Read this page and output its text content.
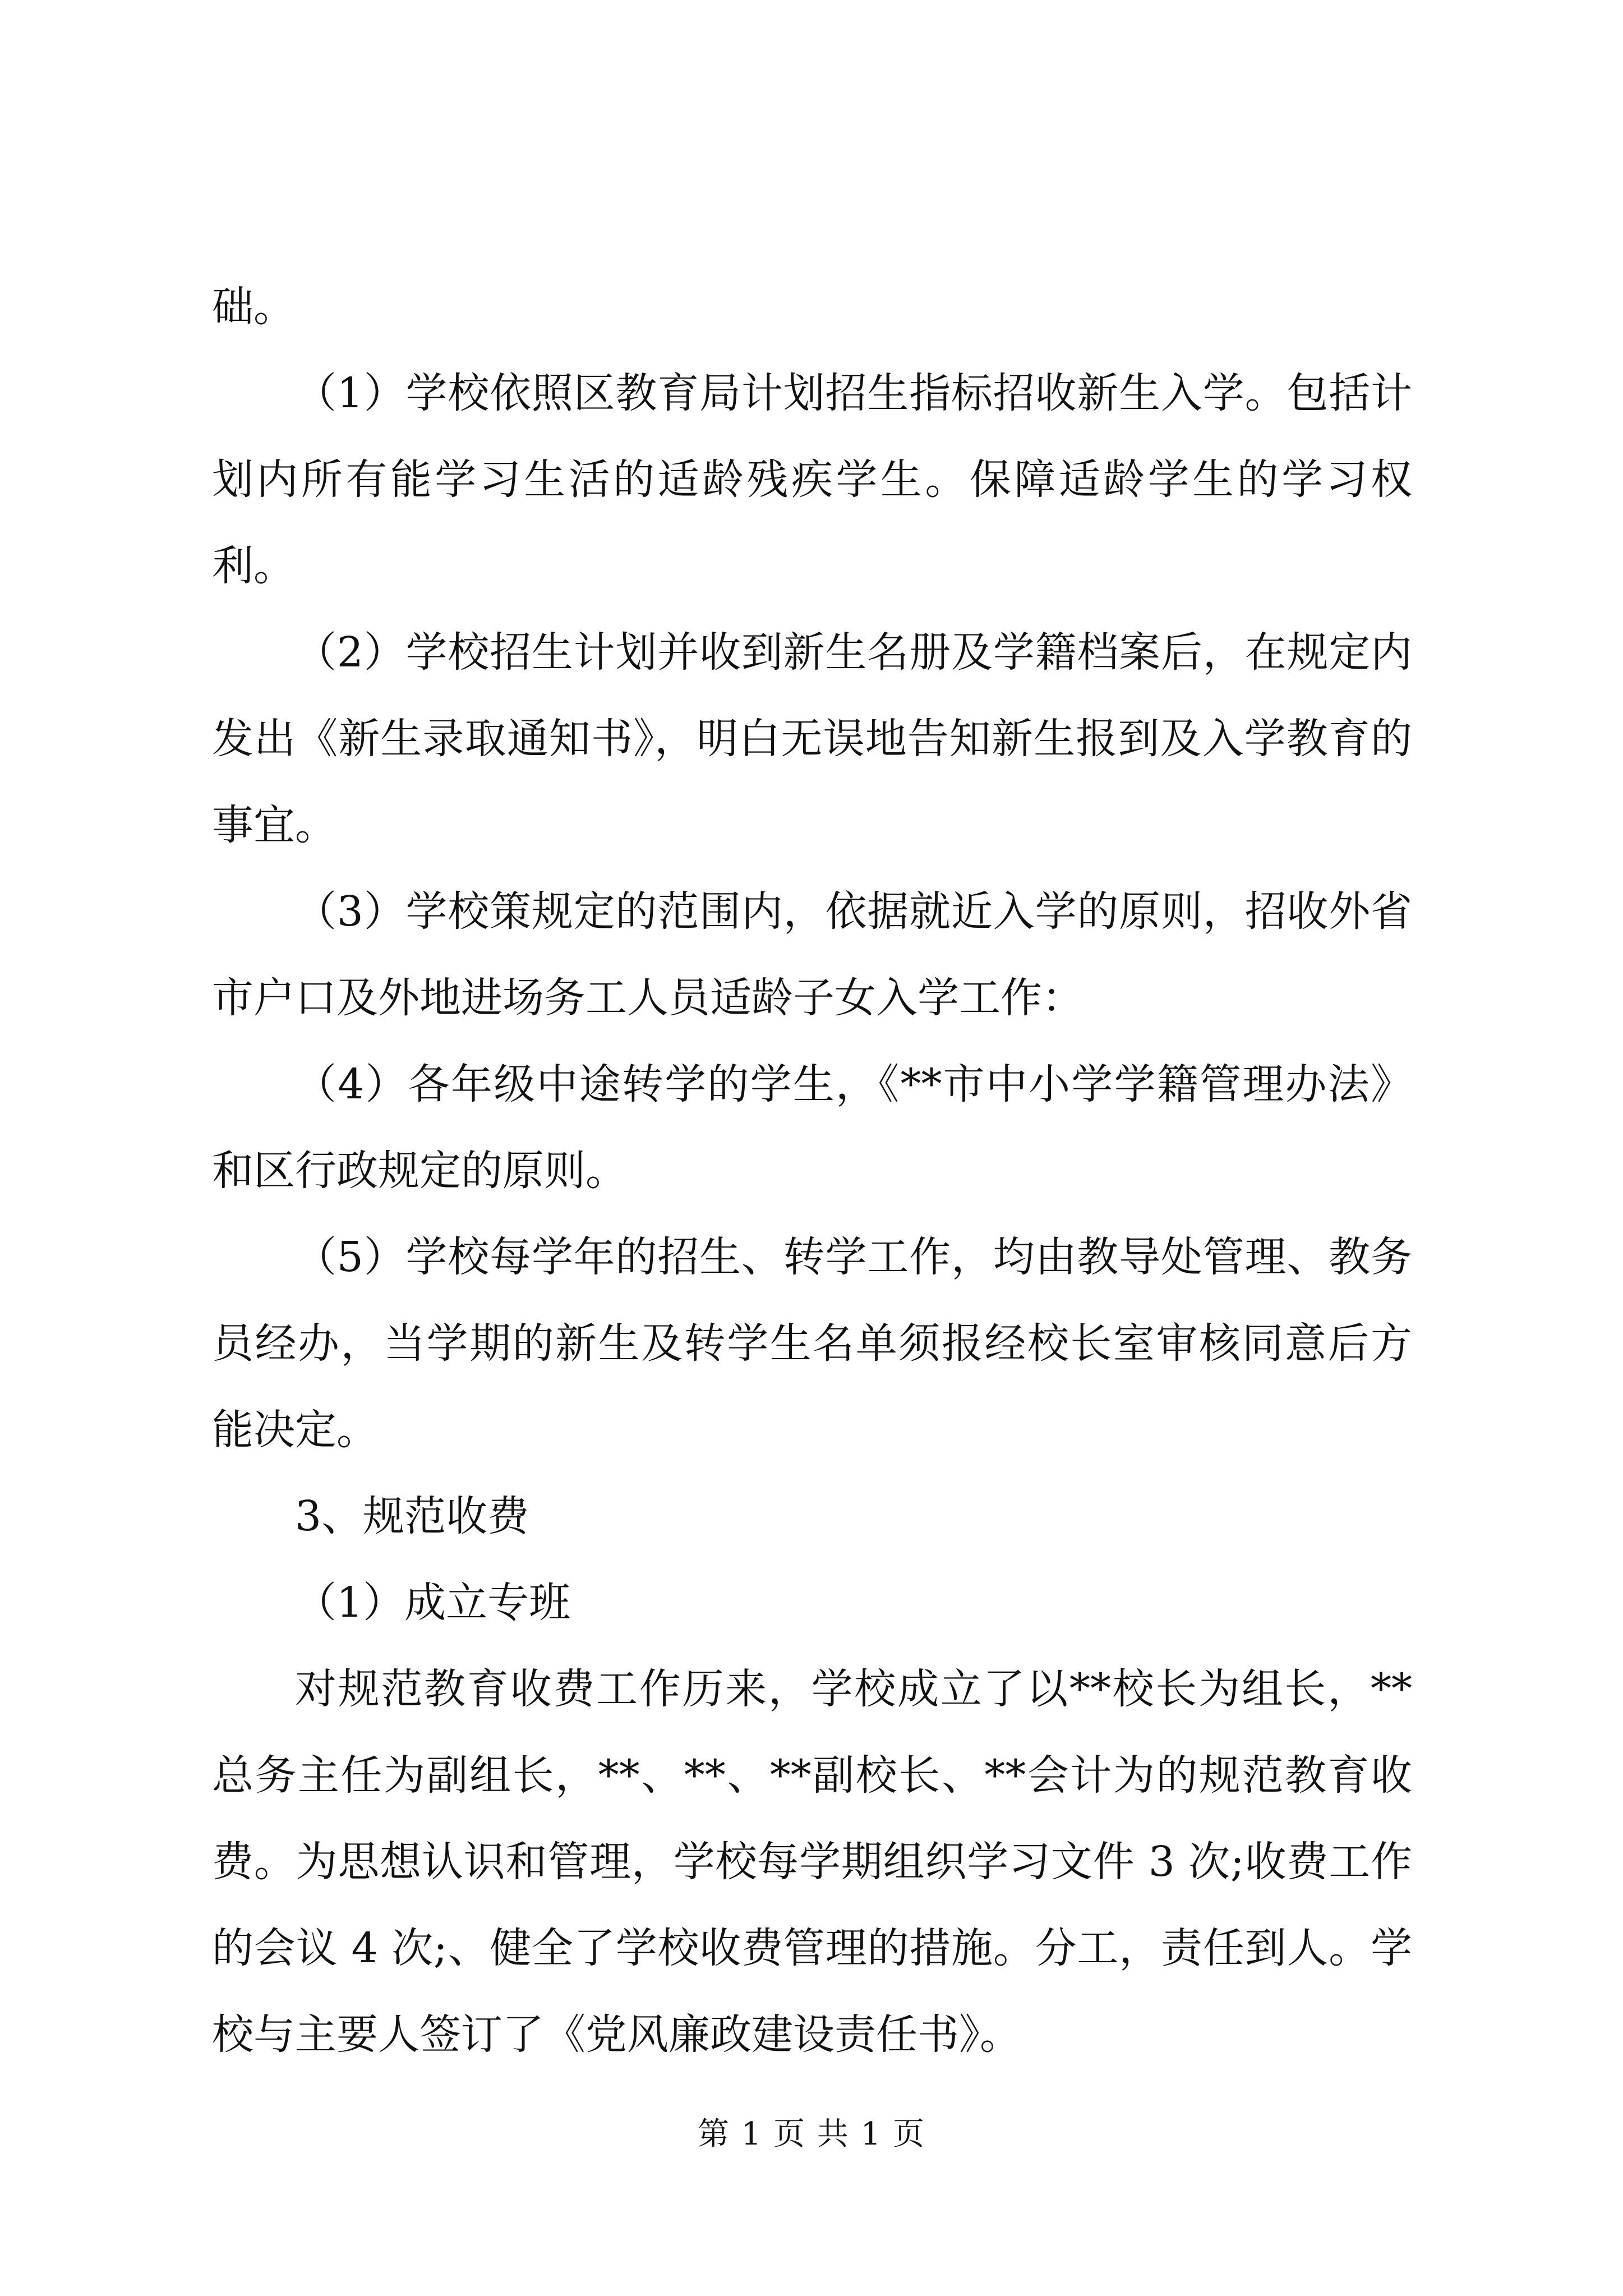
础。

（1）学校依照区教育局计划招生指标招收新生入学。包括计划内所有能学习生活的适龄残疾学生。保障适龄学生的学习权利。

（2）学校招生计划并收到新生名册及学籍档案后，在规定内发出《新生录取通知书》，明白无误地告知新生报到及入学教育的事宜。

（3）学校策规定的范围内，依据就近入学的原则，招收外省市户口及外地进场务工人员适龄子女入学工作：

（4）各年级中途转学的学生，《**市中小学学籍管理办法》和区行政规定的原则。

（5）学校每学年的招生、转学工作，均由教导处管理、教务员经办，当学期的新生及转学生名单须报经校长室审核同意后方能决定。

3、规范收费

（1）成立专班

对规范教育收费工作历来，学校成立了以**校长为组长，**总务主任为副组长，**、**、**副校长、**会计为的规范教育收费。为思想认识和管理，学校每学期组织学习文件 3 次;收费工作的会议 4 次;、健全了学校收费管理的措施。分工，责任到人。学校与主要人签订了《党风廉政建设责任书》。

第 1 页 共 1 页
